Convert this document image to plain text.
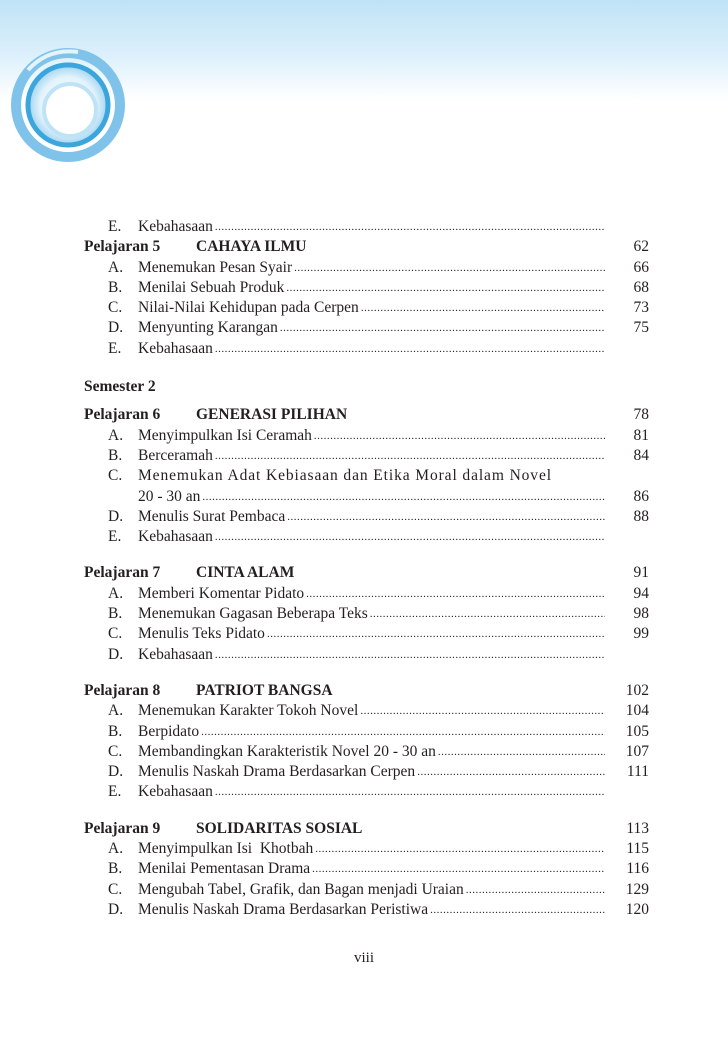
E.	Kebahasaan
.....
Pelajaran 5 CAHAYA ILMU	62
A. Menemukan Pesan Syair .....	66
B.	Menilai Sebuah Produk .....	68
C.	Nilai-Nilai Kehidupan pada Cerpen .....	73
D. Menyunting Karangan .....	75
E.	Kebahasaan
.....
Semester 2
Pelajaran 6 GENERASI PILIHAN	78
A. Menyimpulkan Isi Ceramah .....	81
B.	Berceramah .....	84
C.	Menemukan Adat Kebiasaan dan Etika Moral dalam Novel
20 - 30 an .....	86
D. Menulis Surat Pembaca .....	88
E.	Kebahasaan
.....
Pelajaran 7 CINTA ALAM	91
A. Memberi Komentar Pidato .....	94
B.	Menemukan Gagasan Beberapa Teks .....	98
C.	Menulis Teks Pidato .....	99
D. Kebahasaan
.....
Pelajaran 8 PATRIOT BANGSA	102
A. Menemukan Karakter Tokoh Novel .....	104
B.	Berpidato .....	105
C.	Membandingkan Karakteristik Novel 20 - 30 an .....	107
D. Menulis Naskah Drama Berdasarkan Cerpen .....	111
E.	Kebahasaan
.....
Pelajaran 9 SOLIDARITAS SOSIAL	113
A. Menyimpulkan Isi  Khotbah .....	115
B.	Menilai Pementasan Drama .....	116
C.	Mengubah Tabel, Grafik, dan Bagan menjadi Uraian .....	129
D. Menulis Naskah Drama Berdasarkan Peristiwa .....	120
viii
